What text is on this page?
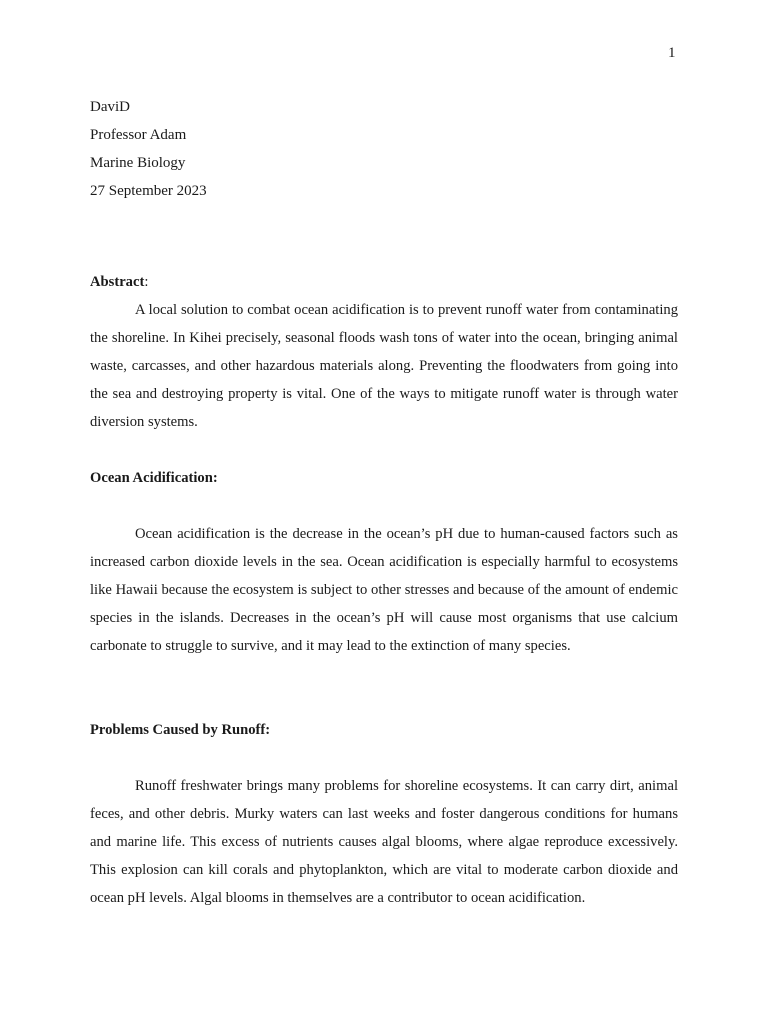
1
DaviD
Professor Adam
Marine Biology
27 September 2023

Abstract:

A local solution to combat ocean acidification is to prevent runoff water from contaminating the shoreline. In Kihei precisely, seasonal floods wash tons of water into the ocean, bringing animal waste, carcasses, and other hazardous materials along. Preventing the floodwaters from going into the sea and destroying property is vital. One of the ways to mitigate runoff water is through water diversion systems.

Ocean Acidification:

Ocean acidification is the decrease in the ocean’s pH due to human-caused factors such as increased carbon dioxide levels in the sea. Ocean acidification is especially harmful to ecosystems like Hawaii because the ecosystem is subject to other stresses and because of the amount of endemic species in the islands. Decreases in the ocean’s pH will cause most organisms that use calcium carbonate to struggle to survive, and it may lead to the extinction of many species.

Problems Caused by Runoff:

Runoff freshwater brings many problems for shoreline ecosystems. It can carry dirt, animal feces, and other debris. Murky waters can last weeks and foster dangerous conditions for humans and marine life. This excess of nutrients causes algal blooms, where algae reproduce excessively. This explosion can kill corals and phytoplankton, which are vital to moderate carbon dioxide and ocean pH levels. Algal blooms in themselves are a contributor to ocean acidification.
